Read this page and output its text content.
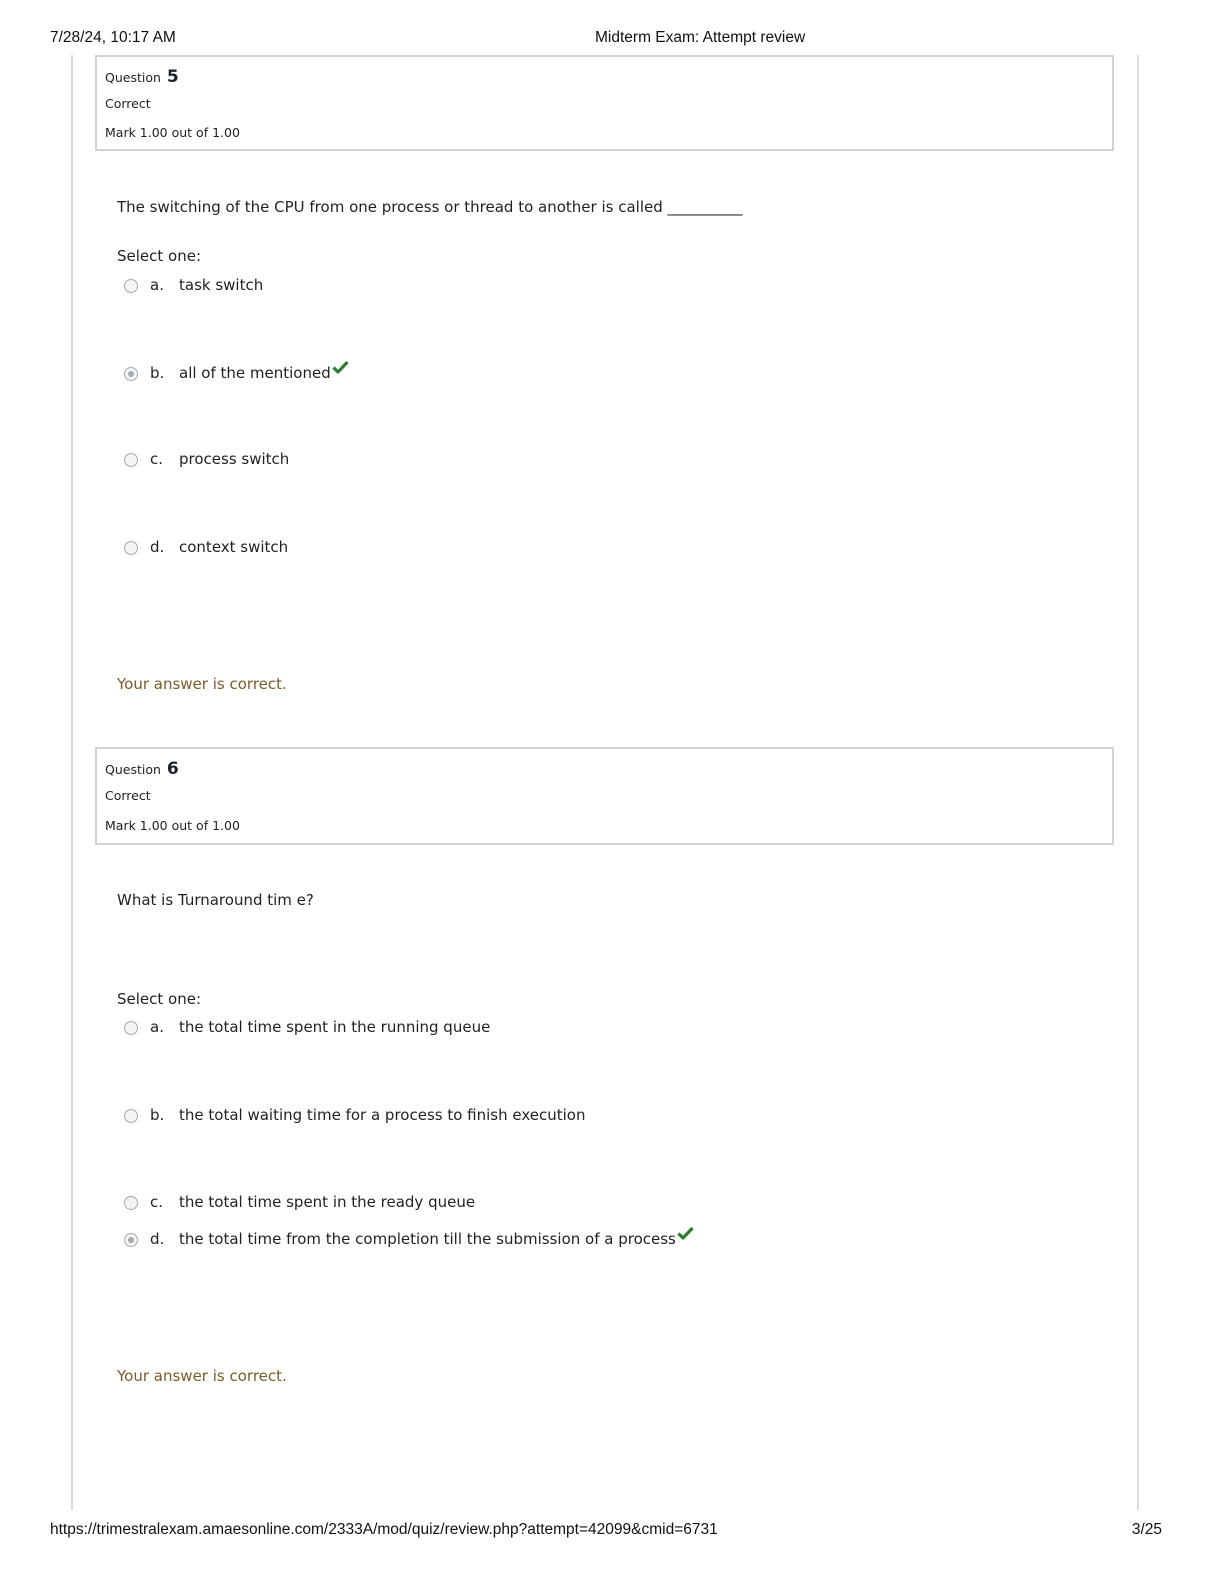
7/28/24, 10:17 AM	Midterm Exam: Attempt review
Question 5
Correct
Mark 1.00 out of 1.00
The switching of the CPU from one process or thread to another is called __________
Select one:
a. task switch
b. all of the mentioned
c. process switch
d. context switch
Your answer is correct.
Question 6
Correct
Mark 1.00 out of 1.00
What is Turnaround tim e?
Select one:
a. the total time spent in the running queue
b. the total waiting time for a process to finish execution
c. the total time spent in the ready queue
d. the total time from the completion till the submission of a process
Your answer is correct.
https://trimestralexam.amaesonline.com/2333A/mod/quiz/review.php?attempt=42099&cmid=6731	3/25
